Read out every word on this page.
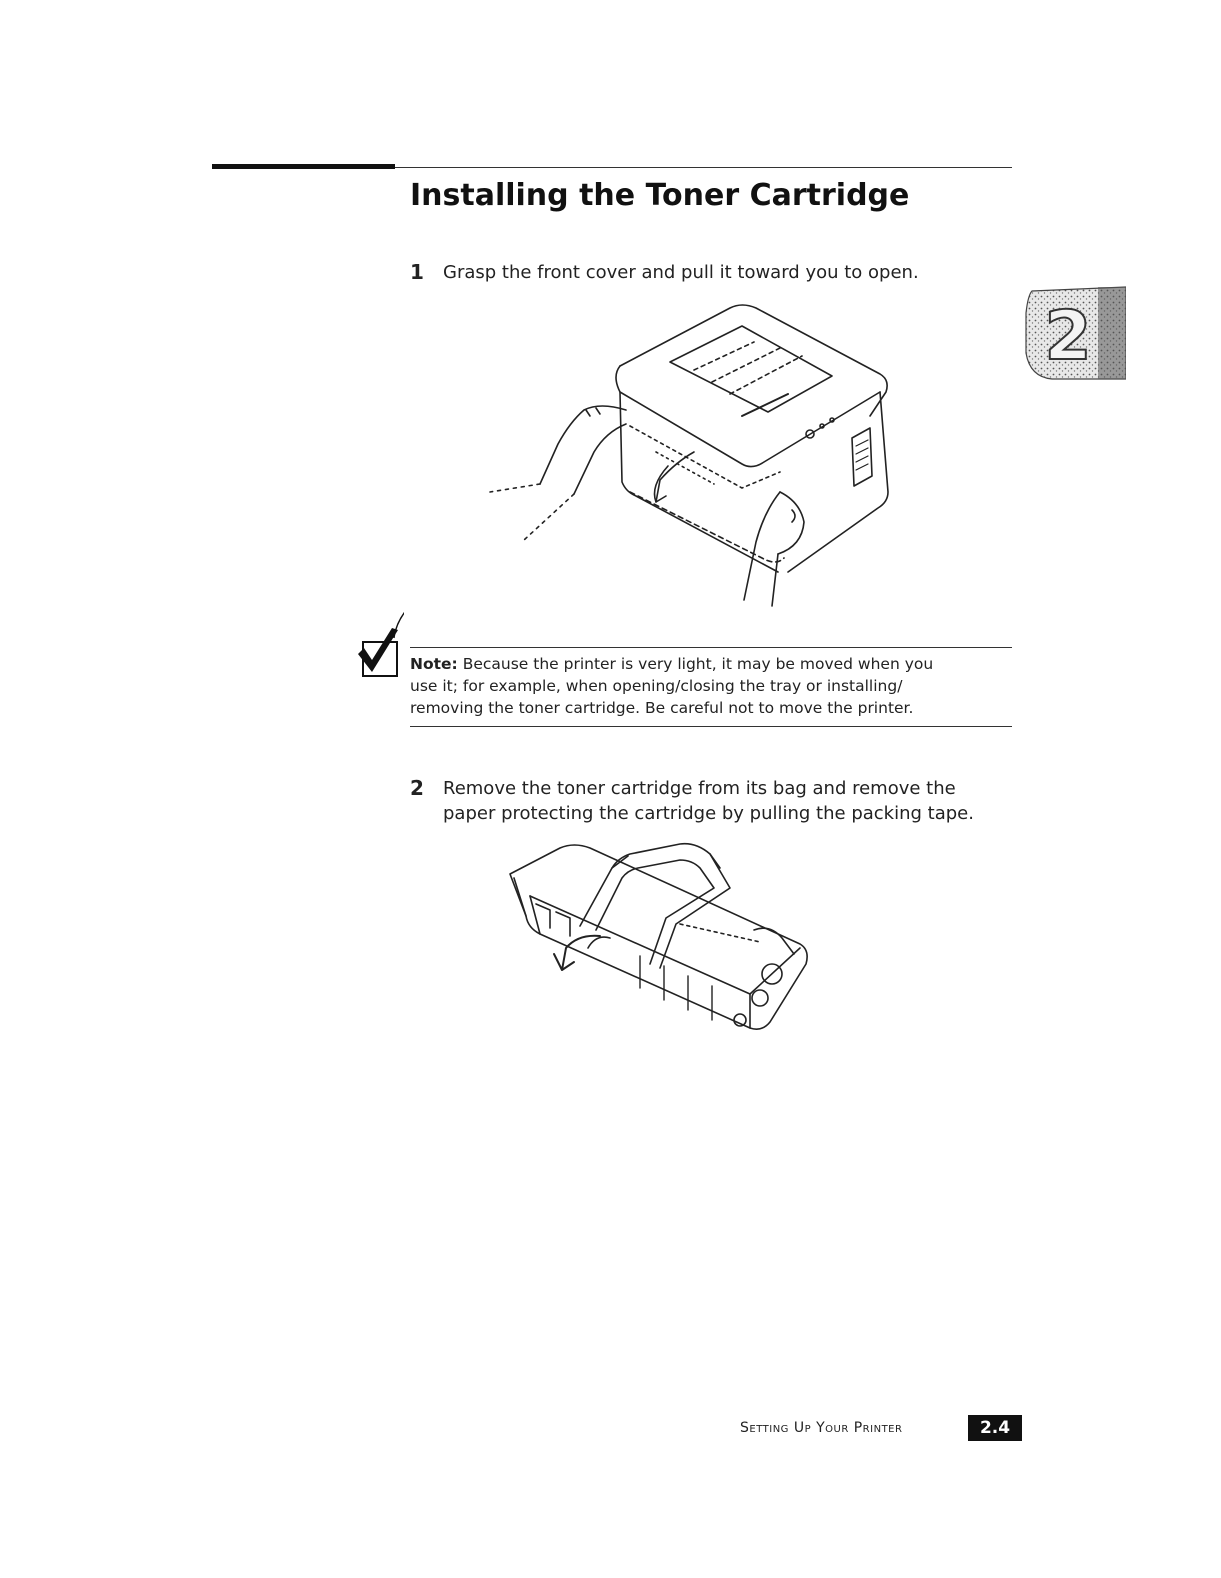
Installing the Toner Cartridge
1 Grasp the front cover and pull it toward you to open.
Note: Because the printer is very light, it may be moved when you
use it; for example, when opening/closing the tray or installing/
removing the toner cartridge. Be careful not to move the printer.
2 Remove the toner cartridge from its bag and remove the
paper protecting the cartridge by pulling the packing tape.
2
Setting Up Your Printer	2.4
